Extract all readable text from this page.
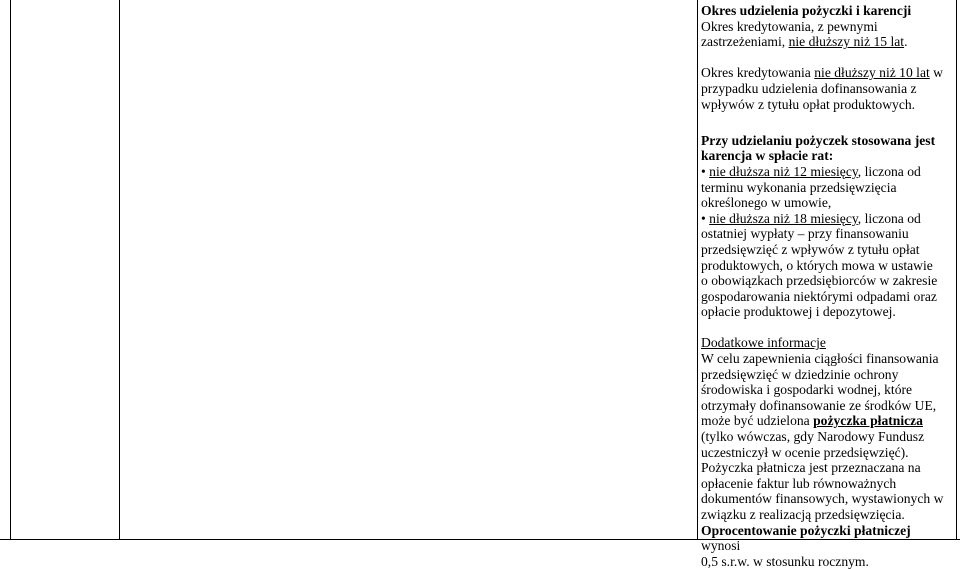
Okres udzielenia pożyczki i karencji

Okres kredytowania, z pewnymi

zastrzeżeniami, nie dłuższy niż 15 lat.

Okres kredytowania nie dłuższy niż 10 lat w

przypadku udzielenia dofinansowania z

wpływów z tytułu opłat produktowych.

Przy udzielaniu pożyczek stosowana jest

karencja w spłacie rat:

• nie dłuższa niż 12 miesięcy, liczona od

terminu wykonania przedsięwzięcia

określonego w umowie,

• nie dłuższa niż 18 miesięcy, liczona od

ostatniej wypłaty – przy finansowaniu

przedsięwzięć z wpływów z tytułu opłat

produktowych, o których mowa w ustawie

o obowiązkach przedsiębiorców w zakresie

gospodarowania niektórymi odpadami oraz

opłacie produktowej i depozytowej.

Dodatkowe informacje

W celu zapewnienia ciągłości finansowania

przedsięwzięć w dziedzinie ochrony

środowiska i gospodarki wodnej, które

otrzymały dofinansowanie ze środków UE,

może być udzielona pożyczka płatnicza

(tylko wówczas, gdy Narodowy Fundusz

uczestniczył w ocenie przedsięwzięć).

Pożyczka płatnicza jest przeznaczana na

opłacenie faktur lub równoważnych

dokumentów finansowych, wystawionych w

związku z realizacją przedsięwzięcia.

Oprocentowanie pożyczki płatniczej wynosi

0,5 s.r.w. w stosunku rocznym.
